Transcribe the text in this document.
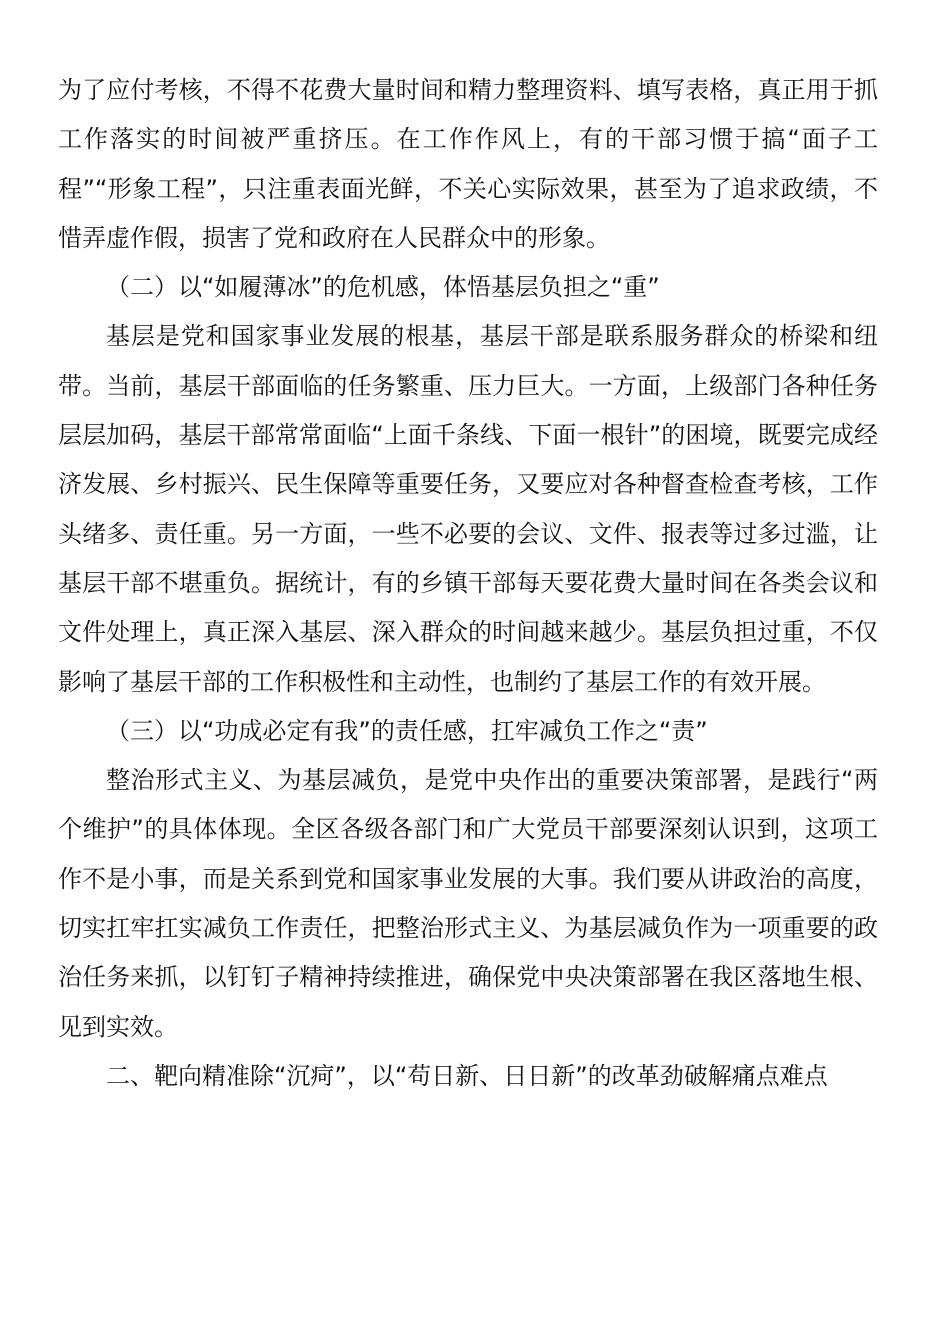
为了应付考核，不得不花费大量时间和精力整理资料、填写表格，真正用于抓工作落实的时间被严重挤压。在工作作风上，有的干部习惯于搞“面子工程”“形象工程”，只注重表面光鲜，不关心实际效果，甚至为了追求政绩，不惜弄虚作假，损害了党和政府在人民群众中的形象。

（二）以“如履薄冰”的危机感，体悟基层负担之“重”

基层是党和国家事业发展的根基，基层干部是联系服务群众的桥梁和纽带。当前，基层干部面临的任务繁重、压力巨大。一方面，上级部门各种任务层层加码，基层干部常常面临“上面千条线、下面一根针”的困境，既要完成经济发展、乡村振兴、民生保障等重要任务，又要应对各种督查检查考核，工作头绪多、责任重。另一方面，一些不必要的会议、文件、报表等过多过滥，让基层干部不堪重负。据统计，有的乡镇干部每天要花费大量时间在各类会议和文件处理上，真正深入基层、深入群众的时间越来越少。基层负担过重，不仅影响了基层干部的工作积极性和主动性，也制约了基层工作的有效开展。

（三）以“功成必定有我”的责任感，扛牢减负工作之“责”

整治形式主义、为基层减负，是党中央作出的重要决策部署，是践行“两个维护”的具体体现。全区各级各部门和广大党员干部要深刻认识到，这项工作不是小事，而是关系到党和国家事业发展的大事。我们要从讲政治的高度，切实扛牢扛实减负工作责任，把整治形式主义、为基层减负作为一项重要的政治任务来抓，以钉钉子精神持续推进，确保党中央决策部署在我区落地生根、见到实效。

二、靶向精准除“沉疴”，以“苟日新、日日新”的改革劲破解痛点难点
